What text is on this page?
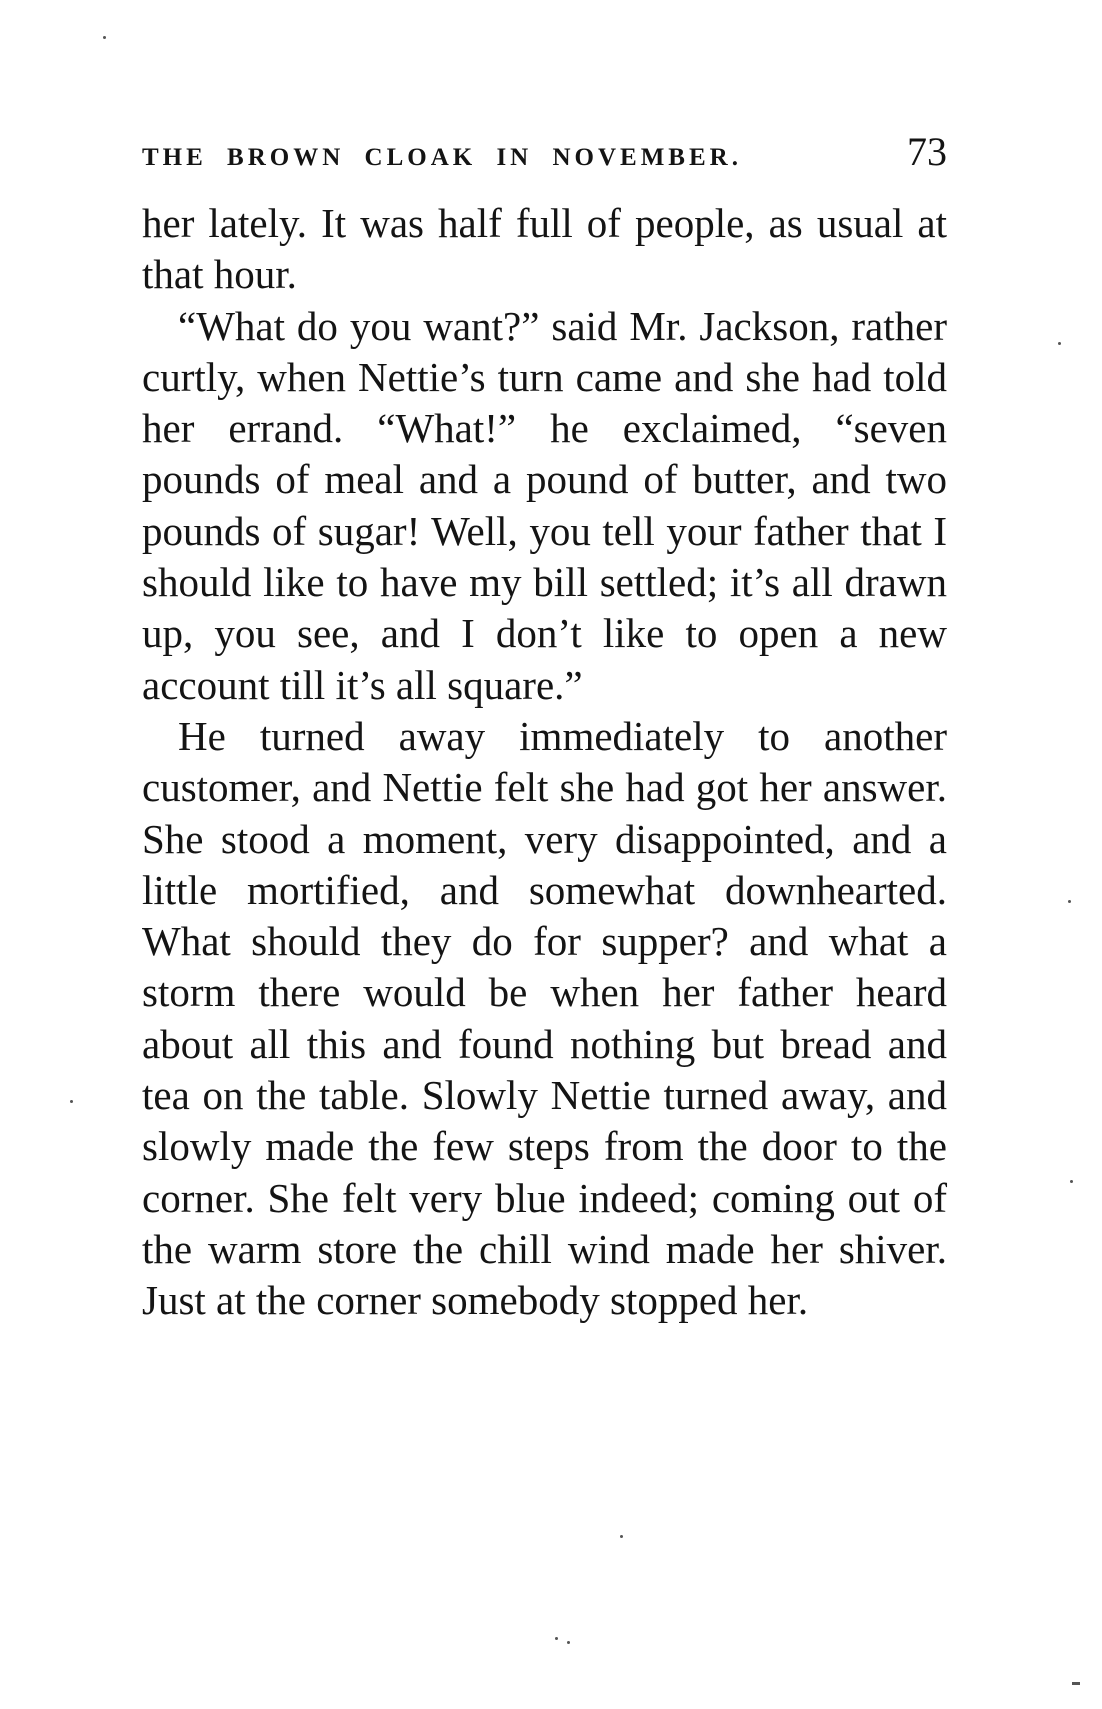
THE BROWN CLOAK IN NOVEMBER.	73

her lately. It was half full of people, as usual at that hour.

“What do you want?” said Mr. Jackson, rather curtly, when Nettie’s turn came and she had told her errand. “What!” he exclaimed, “seven pounds of meal and a pound of butter, and two pounds of sugar! Well, you tell your father that I should like to have my bill settled; it’s all drawn up, you see, and I don’t like to open a new account till it’s all square.”

He turned away immediately to another customer, and Nettie felt she had got her answer. She stood a moment, very disappointed, and a little mortified, and somewhat downhearted. What should they do for supper? and what a storm there would be when her father heard about all this and found nothing but bread and tea on the table. Slowly Nettie turned away, and slowly made the few steps from the door to the corner. She felt very blue indeed; coming out of the warm store the chill wind made her shiver. Just at the corner somebody stopped her.
